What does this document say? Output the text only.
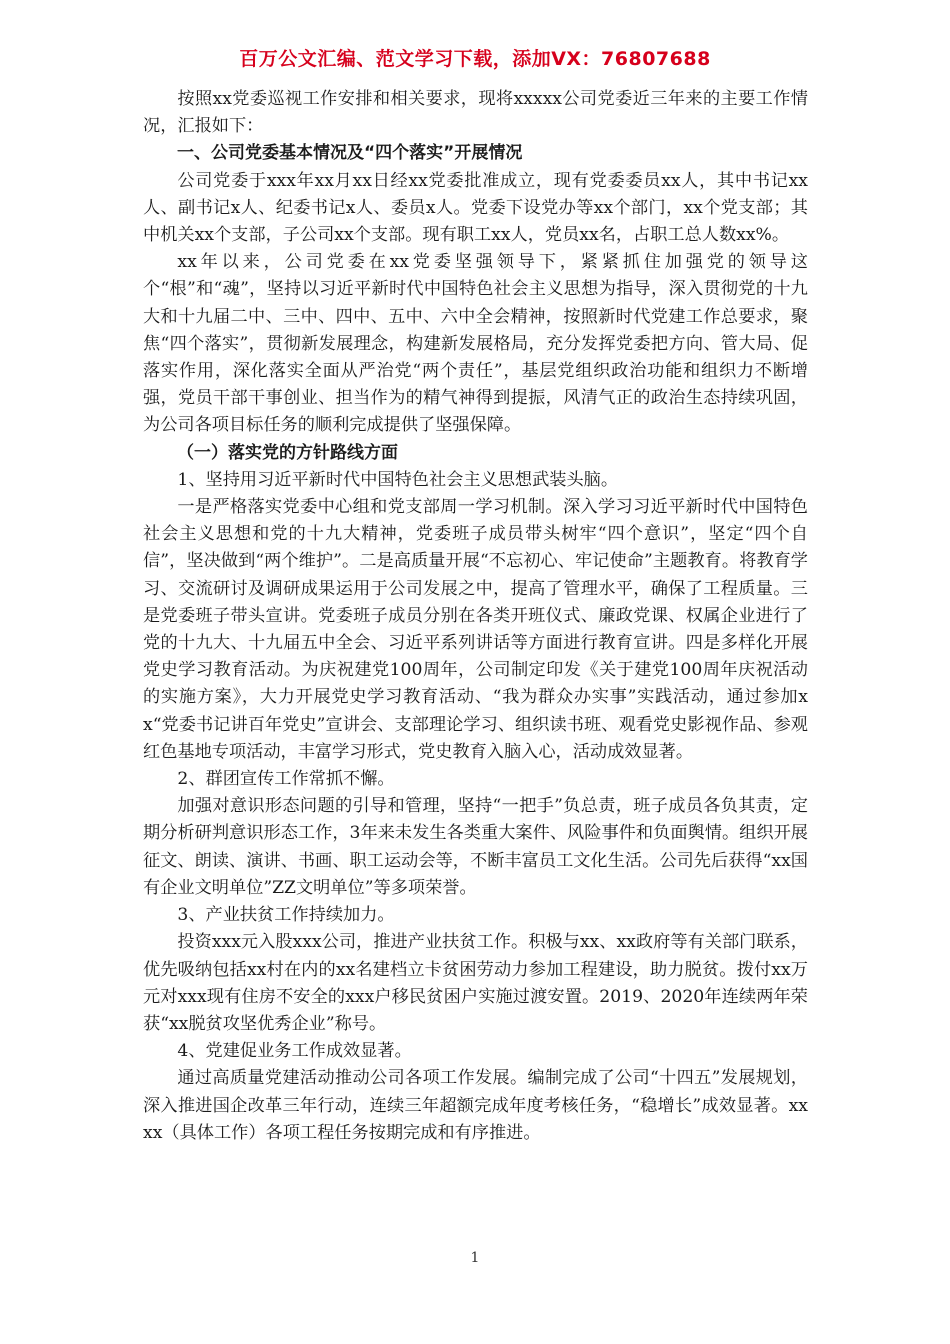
百万公文汇编、范文学习下载，添加VX：76807688

按照xx党委巡视工作安排和相关要求，现将xxxxx公司党委近三年来的主要工作情况，汇报如下：

一、公司党委基本情况及“四个落实”开展情况

公司党委于xxx年xx月xx日经xx党委批准成立，现有党委委员xx人，其中书记xx人、副书记x人、纪委书记x人、委员x人。党委下设党办等xx个部门，xx个党支部；其中机关xx个支部，子公司xx个支部。现有职工xx人，党员xx名，占职工总人数xx%。

xx年以来，公司党委在xx党委坚强领导下，紧紧抓住加强党的领导这个“根”和“魂”，坚持以习近平新时代中国特色社会主义思想为指导，深入贯彻党的十九大和十九届二中、三中、四中、五中、六中全会精神，按照新时代党建工作总要求，聚焦“四个落实”，贯彻新发展理念，构建新发展格局，充分发挥党委把方向、管大局、促落实作用，深化落实全面从严治党“两个责任”，基层党组织政治功能和组织力不断增强，党员干部干事创业、担当作为的精气神得到提振，风清气正的政治生态持续巩固，为公司各项目标任务的顺利完成提供了坚强保障。

（一）落实党的方针路线方面

1、坚持用习近平新时代中国特色社会主义思想武装头脑。

一是严格落实党委中心组和党支部周一学习机制。深入学习习近平新时代中国特色社会主义思想和党的十九大精神，党委班子成员带头树牢“四个意识”，坚定“四个自信”，坚决做到“两个维护”。二是高质量开展“不忘初心、牢记使命”主题教育。将教育学习、交流研讨及调研成果运用于公司发展之中，提高了管理水平，确保了工程质量。三是党委班子带头宣讲。党委班子成员分别在各类开班仪式、廉政党课、权属企业进行了党的十九大、十九届五中全会、习近平系列讲话等方面进行教育宣讲。四是多样化开展党史学习教育活动。为庆祝建党100周年，公司制定印发《关于建党100周年庆祝活动的实施方案》，大力开展党史学习教育活动、“我为群众办实事”实践活动，通过参加xx“党委书记讲百年党史”宣讲会、支部理论学习、组织读书班、观看党史影视作品、参观红色基地专项活动，丰富学习形式，党史教育入脑入心，活动成效显著。

2、群团宣传工作常抓不懈。

加强对意识形态问题的引导和管理，坚持“一把手”负总责，班子成员各负其责，定期分析研判意识形态工作，3年来未发生各类重大案件、风险事件和负面舆情。组织开展征文、朗读、演讲、书画、职工运动会等，不断丰富员工文化生活。公司先后获得“xx国有企业文明单位”ZZ文明单位”等多项荣誉。

3、产业扶贫工作持续加力。

投资xxx元入股xxx公司，推进产业扶贫工作。积极与xx、xx政府等有关部门联系，优先吸纳包括xx村在内的xx名建档立卡贫困劳动力参加工程建设，助力脱贫。拨付xx万元对xxx现有住房不安全的xxx户移民贫困户实施过渡安置。2019、2020年连续两年荣获“xx脱贫攻坚优秀企业”称号。

4、党建促业务工作成效显著。

通过高质量党建活动推动公司各项工作发展。编制完成了公司“十四五”发展规划，深入推进国企改革三年行动，连续三年超额完成年度考核任务，“稳增长”成效显著。xxxx（具体工作）各项工程任务按期完成和有序推进。

1
